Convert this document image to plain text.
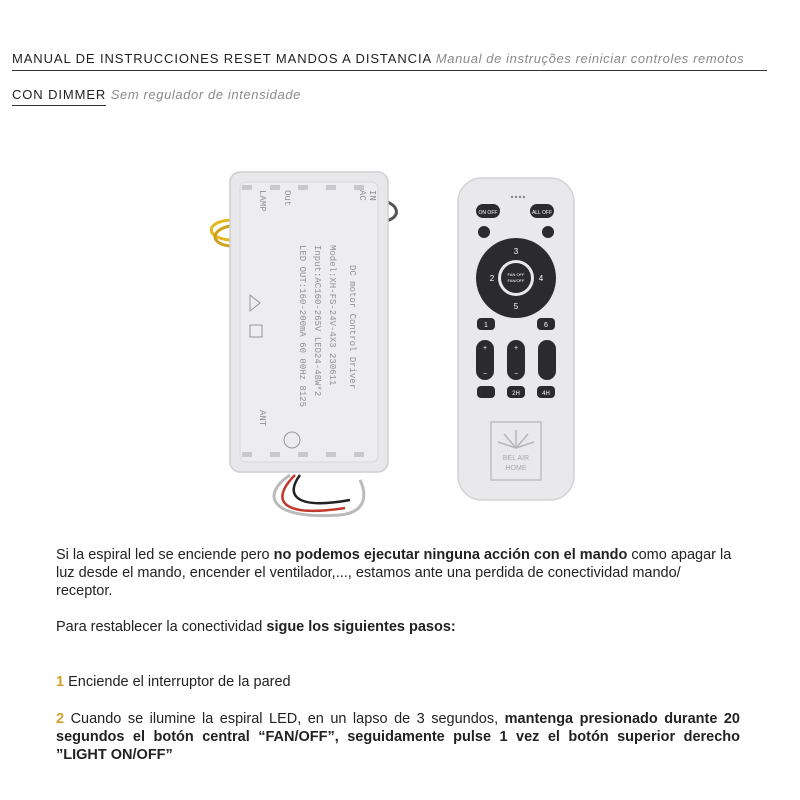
MANUAL DE INSTRUCCIONES RESET MANDOS A DISTANCIA Manual de instruções reiniciar controles remotos
CON DIMMER Sem regulador de intensidade
DC motor Control Driver
Model:XH-FS-24V-4X3 230611
Input:AC160-265V LED24-48W*2
LED OUT:160-200mA 60 00Hz 8125
IN
AC
Out
LAMP
ANT
ON OFF	ALL OFF
FAN OFF
FAN/OFF
3
2	4
5
1	6
+
−
+
−
2H	4H
BEL AIR
HOME
Si la espiral led se enciende pero no podemos ejecutar ninguna acción con el mando como apagar la luz desde el mando, encender el ventilador,..., estamos ante una perdida de conectividad mando/ receptor.
Para restablecer la conectividad sigue los siguientes pasos:
1 Enciende el interruptor de la pared
2 Cuando se ilumine la espiral LED, en un lapso de 3 segundos, mantenga presionado durante 20 segundos el botón central “FAN/OFF”, seguidamente pulse 1 vez el botón superior derecho ”LIGHT ON/OFF”
